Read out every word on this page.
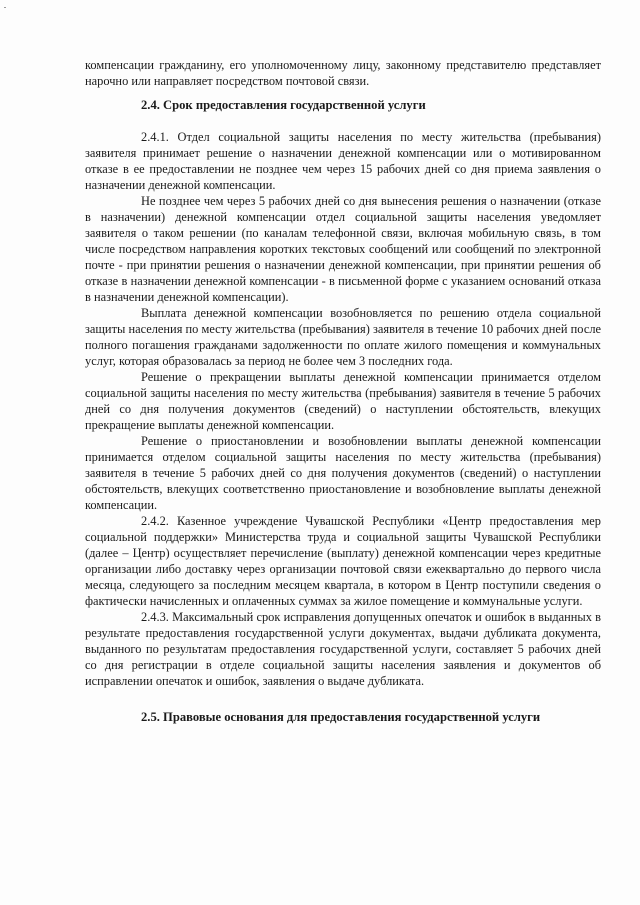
компенсации гражданину, его уполномоченному лицу, законному представителю представляет нарочно или направляет посредством почтовой связи.

2.4. Срок предоставления государственной услуги

2.4.1. Отдел социальной защиты населения по месту жительства (пребывания) заявителя принимает решение о назначении денежной компенсации или о мотивированном отказе в ее предоставлении не позднее чем через 15 рабочих дней со дня приема заявления о назначении денежной компенсации.

Не позднее чем через 5 рабочих дней со дня вынесения решения о назначении (отказе в назначении) денежной компенсации отдел социальной защиты населения уведомляет заявителя о таком решении (по каналам телефонной связи, включая мобильную связь, в том числе посредством направления коротких текстовых сообщений или сообщений по электронной почте - при принятии решения о назначении денежной компенсации, при принятии решения об отказе в назначении денежной компенсации - в письменной форме с указанием оснований отказа в назначении денежной компенсации).

Выплата денежной компенсации возобновляется по решению отдела социальной защиты населения по месту жительства (пребывания) заявителя в течение 10 рабочих дней после полного погашения гражданами задолженности по оплате жилого помещения и коммунальных услуг, которая образовалась за период не более чем 3 последних года.

Решение о прекращении выплаты денежной компенсации принимается отделом социальной защиты населения по месту жительства (пребывания) заявителя в течение 5 рабочих дней со дня получения документов (сведений) о наступлении обстоятельств, влекущих прекращение выплаты денежной компенсации.

Решение о приостановлении и возобновлении выплаты денежной компенсации принимается отделом социальной защиты населения по месту жительства (пребывания) заявителя в течение 5 рабочих дней со дня получения документов (сведений) о наступлении обстоятельств, влекущих соответственно приостановление и возобновление выплаты денежной компенсации.

2.4.2. Казенное учреждение Чувашской Республики «Центр предоставления мер социальной поддержки» Министерства труда и социальной защиты Чувашской Республики (далее – Центр) осуществляет перечисление (выплату) денежной компенсации через кредитные организации либо доставку через организации почтовой связи ежеквартально до первого числа месяца, следующего за последним месяцем квартала, в котором в Центр поступили сведения о фактически начисленных и оплаченных суммах за жилое помещение и коммунальные услуги.

2.4.3. Максимальный срок исправления допущенных опечаток и ошибок в выданных в результате предоставления государственной услуги документах, выдачи дубликата документа, выданного по результатам предоставления государственной услуги, составляет 5 рабочих дней со дня регистрации в отделе социальной защиты населения заявления и документов об исправлении опечаток и ошибок, заявления о выдаче дубликата.

2.5. Правовые основания для предоставления государственной услуги
